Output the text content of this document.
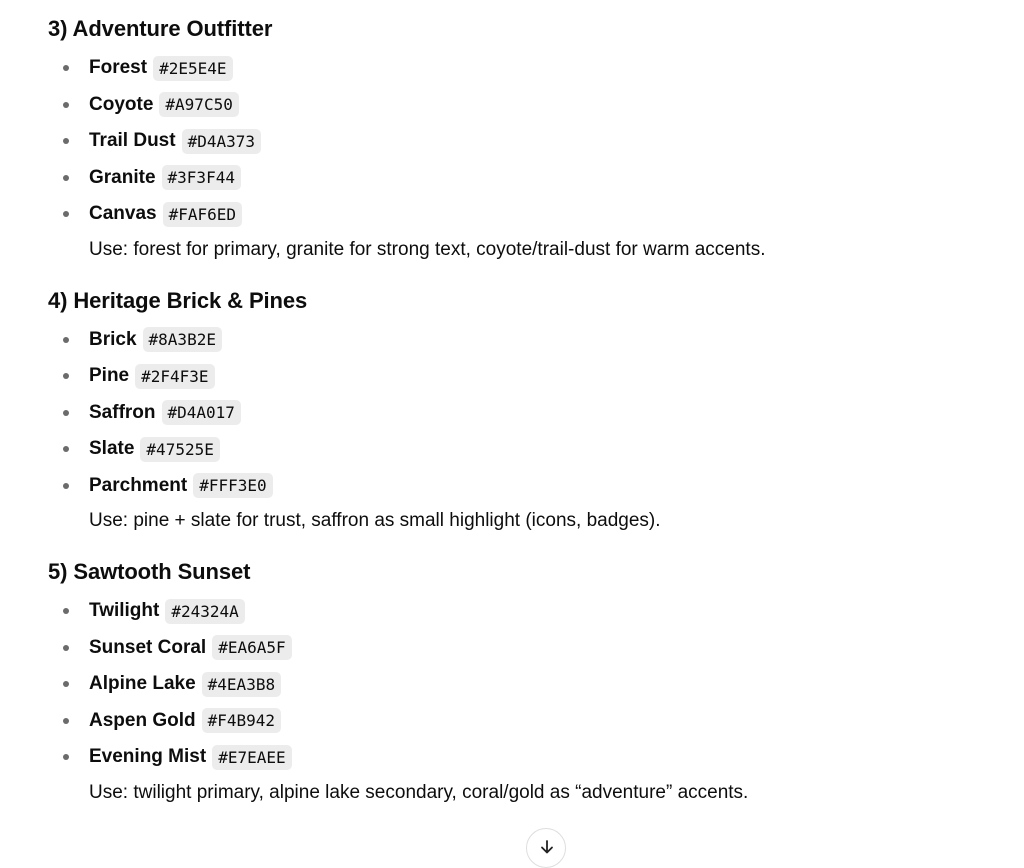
3) Adventure Outfitter
Forest #2E5E4E
Coyote #A97C50
Trail Dust #D4A373
Granite #3F3F44
Canvas #FAF6ED
Use: forest for primary, granite for strong text, coyote/trail-dust for warm accents.
4) Heritage Brick & Pines
Brick #8A3B2E
Pine #2F4F3E
Saffron #D4A017
Slate #47525E
Parchment #FFF3E0
Use: pine + slate for trust, saffron as small highlight (icons, badges).
5) Sawtooth Sunset
Twilight #24324A
Sunset Coral #EA6A5F
Alpine Lake #4EA3B8
Aspen Gold #F4B942
Evening Mist #E7EAEE
Use: twilight primary, alpine lake secondary, coral/gold as “adventure” accents.
